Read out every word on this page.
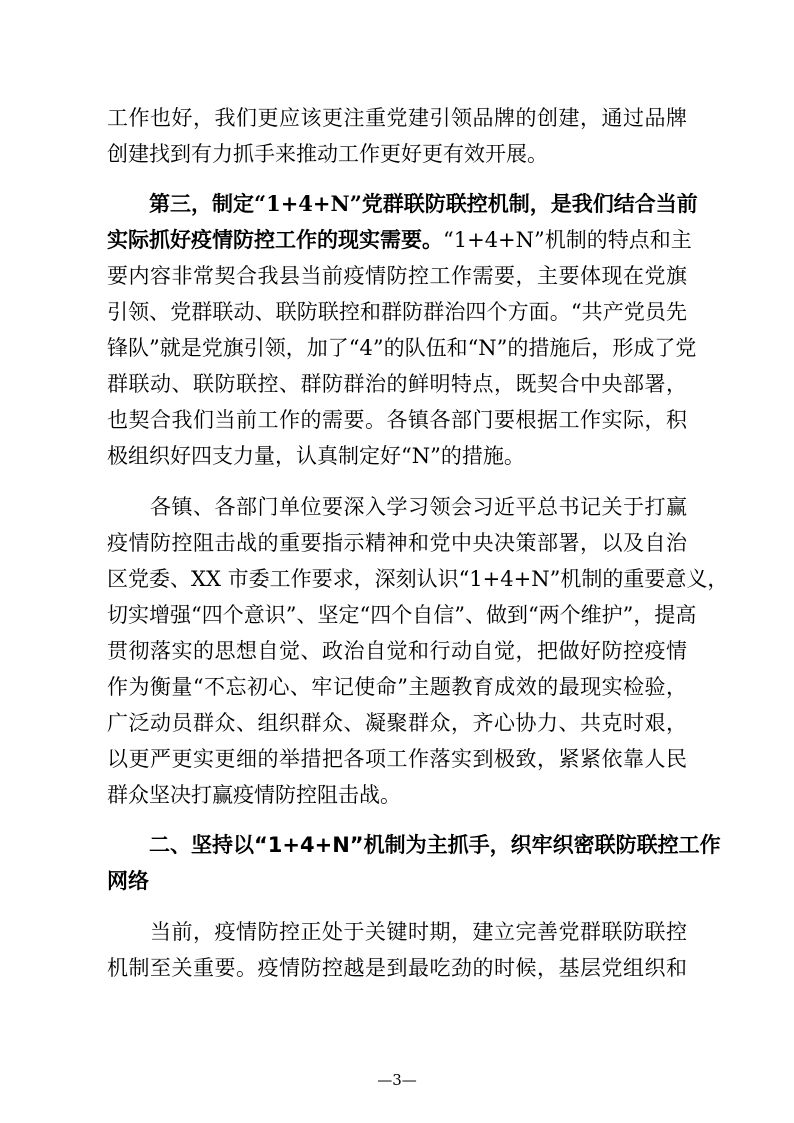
工作也好，我们更应该更注重党建引领品牌的创建，通过品牌
创建找到有力抓手来推动工作更好更有效开展。
　　第三，制定“1+4+N”党群联防联控机制，是我们结合当前
实际抓好疫情防控工作的现实需要。“1+4+N”机制的特点和主
要内容非常契合我县当前疫情防控工作需要，主要体现在党旗
引领、党群联动、联防联控和群防群治四个方面。“共产党员先
锋队”就是党旗引领，加了“4”的队伍和“N”的措施后，形成了党
群联动、联防联控、群防群治的鲜明特点，既契合中央部署，
也契合我们当前工作的需要。各镇各部门要根据工作实际，积
极组织好四支力量，认真制定好“N”的措施。
　　各镇、各部门单位要深入学习领会习近平总书记关于打赢
疫情防控阻击战的重要指示精神和党中央决策部署，以及自治
区党委、XX 市委工作要求，深刻认识“1+4+N”机制的重要意义，
切实增强“四个意识”、坚定“四个自信”、做到“两个维护”，提高
贯彻落实的思想自觉、政治自觉和行动自觉，把做好防控疫情
作为衡量“不忘初心、牢记使命”主题教育成效的最现实检验，
广泛动员群众、组织群众、凝聚群众，齐心协力、共克时艰，
以更严更实更细的举措把各项工作落实到极致，紧紧依靠人民
群众坚决打赢疫情防控阻击战。
　　二、坚持以“1+4+N”机制为主抓手，织牢织密联防联控工作
网络
　　当前，疫情防控正处于关键时期，建立完善党群联防联控
—3—
机制至关重要。疫情防控越是到最吃劲的时候，基层党组织和
